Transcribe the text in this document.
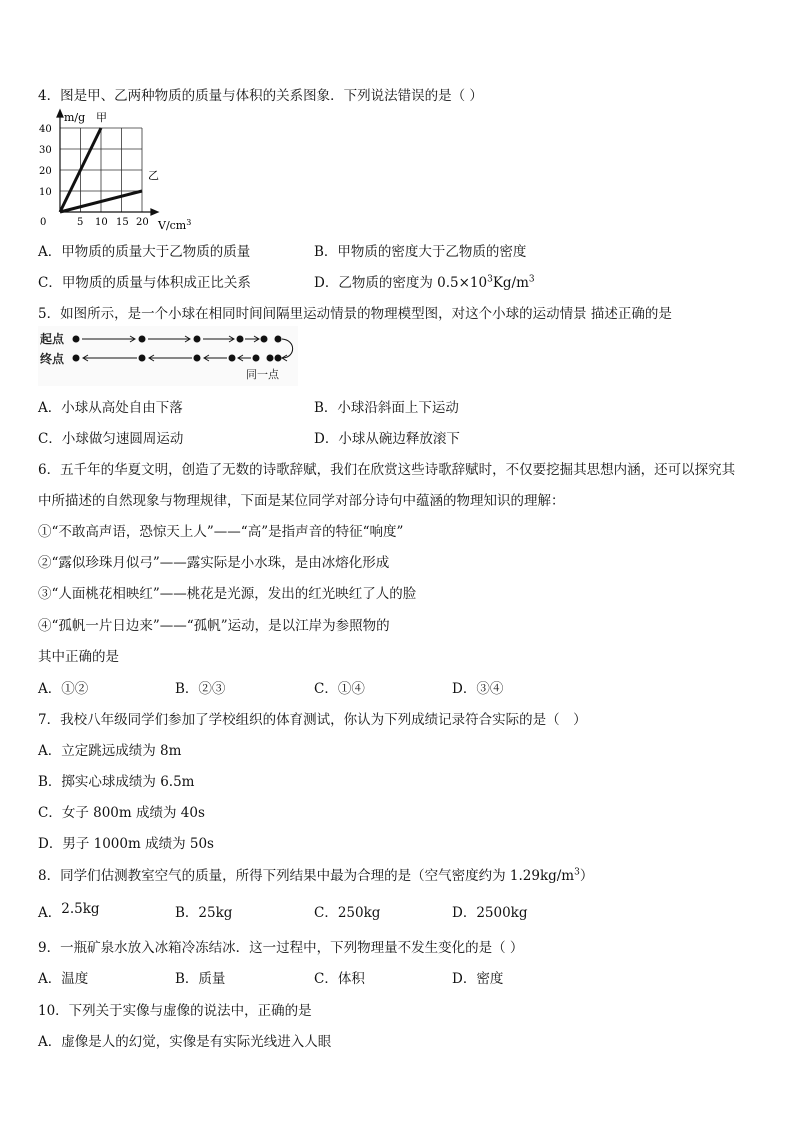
4．图是甲、乙两种物质的质量与体积的关系图象．下列说法错误的是（ ）
m/g 甲
乙
0
10
20
30
40
5 10 15 20 $V/cm^3$
A．甲物质的质量大于乙物质的质量	B．甲物质的密度大于乙物质的密度
C．甲物质的质量与体积成正比关系	D．乙物质的密度为 $0.5\times 10^3Kg/m^3$
5．如图所示，是一个小球在相同时间间隔里运动情景的物理模型图，对这个小球的运动情景 描述正确的是
起点
终点
同一点
A．小球从高处自由下落	B．小球沿斜面上下运动
C．小球做匀速圆周运动	D．小球从碗边释放滚下
6．五千年的华夏文明，创造了无数的诗歌辞赋，我们在欣赏这些诗歌辞赋时，不仅要挖掘其思想内涵，还可以探究其
中所描述的自然现象与物理规律，下面是某位同学对部分诗句中蕴涵的物理知识的理解：
①“不敢高声语，恐惊天上人”——“高”是指声音的特征“响度”
②“露似珍珠月似弓”——露实际是小水珠，是由冰熔化形成
③“人面桃花相映红”——桃花是光源，发出的红光映红了人的脸
④“孤帆一片日边来”——“孤帆”运动，是以江岸为参照物的
其中正确的是
A．①②	B．②③	C．①④	D．③④
7．我校八年级同学们参加了学校组织的体育测试，你认为下列成绩记录符合实际的是（　）
A．立定跳远成绩为 8m
B．掷实心球成绩为 6.5m
C．女子 800m 成绩为 40s
D．男子 1000m 成绩为 50s
8．同学们估测教室空气的质量，所得下列结果中最为合理的是（空气密度约为 $1.29kg/m^3$）
A．2.5kg	B．25kg	C．250kg	D．2500kg
9．一瓶矿泉水放入冰箱冷冻结冰．这一过程中，下列物理量不发生变化的是（ ）
A．温度	B．质量	C．体积	D．密度
10．下列关于实像与虚像的说法中，正确的是
A．虚像是人的幻觉，实像是有实际光线进入人眼
